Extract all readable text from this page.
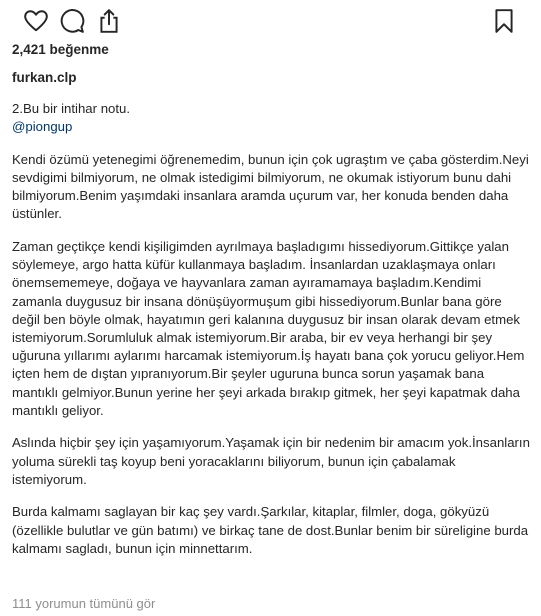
2,421 beğenme
furkan.clp

2.Bu bir intihar notu.
@piongup

Kendi özümü yetenegimi öğrenemedim, bunun için çok ugraştım ve çaba gösterdim.Neyi sevdigimi bilmiyorum, ne olmak istedigimi bilmiyorum, ne okumak istiyorum bunu dahi bilmiyorum.Benim yaşımdaki insanlara aramda uçurum var, her konuda benden daha üstünler.

Zaman geçtikçe kendi kişiligimden ayrılmaya başladıgımı hissediyorum.Gittikçe yalan söylemeye, argo hatta küfür kullanmaya başladım. İnsanlardan uzaklaşmaya onları önemsememeye, doğaya ve hayvanlara zaman ayıramamaya başladım.Kendimi zamanla duygusuz bir insana dönüşüyormuşum gibi hissediyorum.Bunlar bana göre değil ben böyle olmak, hayatımın geri kalanına duygusuz bir insan olarak devam etmek istemiyorum.Sorumluluk almak istemiyorum.Bir araba, bir ev veya herhangi bir şey uğuruna yıllarımı aylarımı harcamak istemiyorum.İş hayatı bana çok yorucu geliyor.Hem içten hem de dıştan yıpranıyorum.Bir şeyler uguruna bunca sorun yaşamak bana mantıklı gelmiyor.Bunun yerine her şeyi arkada bırakıp gitmek, her şeyi kapatmak daha mantıklı geliyor.

Aslında hiçbir şey için yaşamıyorum.Yaşamak için bir nedenim bir amacım yok.İnsanların yoluma sürekli taş koyup beni yoracaklarını biliyorum, bunun için çabalamak istemiyorum.

Burda kalmamı saglayan bir kaç şey vardı.Şarkılar, kitaplar, filmler, doga, gökyüzü (özellikle bulutlar ve gün batımı) ve birkaç tane de dost.Bunlar benim bir süreligine burda kalmamı sagladı, bunun için minnettarım.

111 yorumun tümünü gör
